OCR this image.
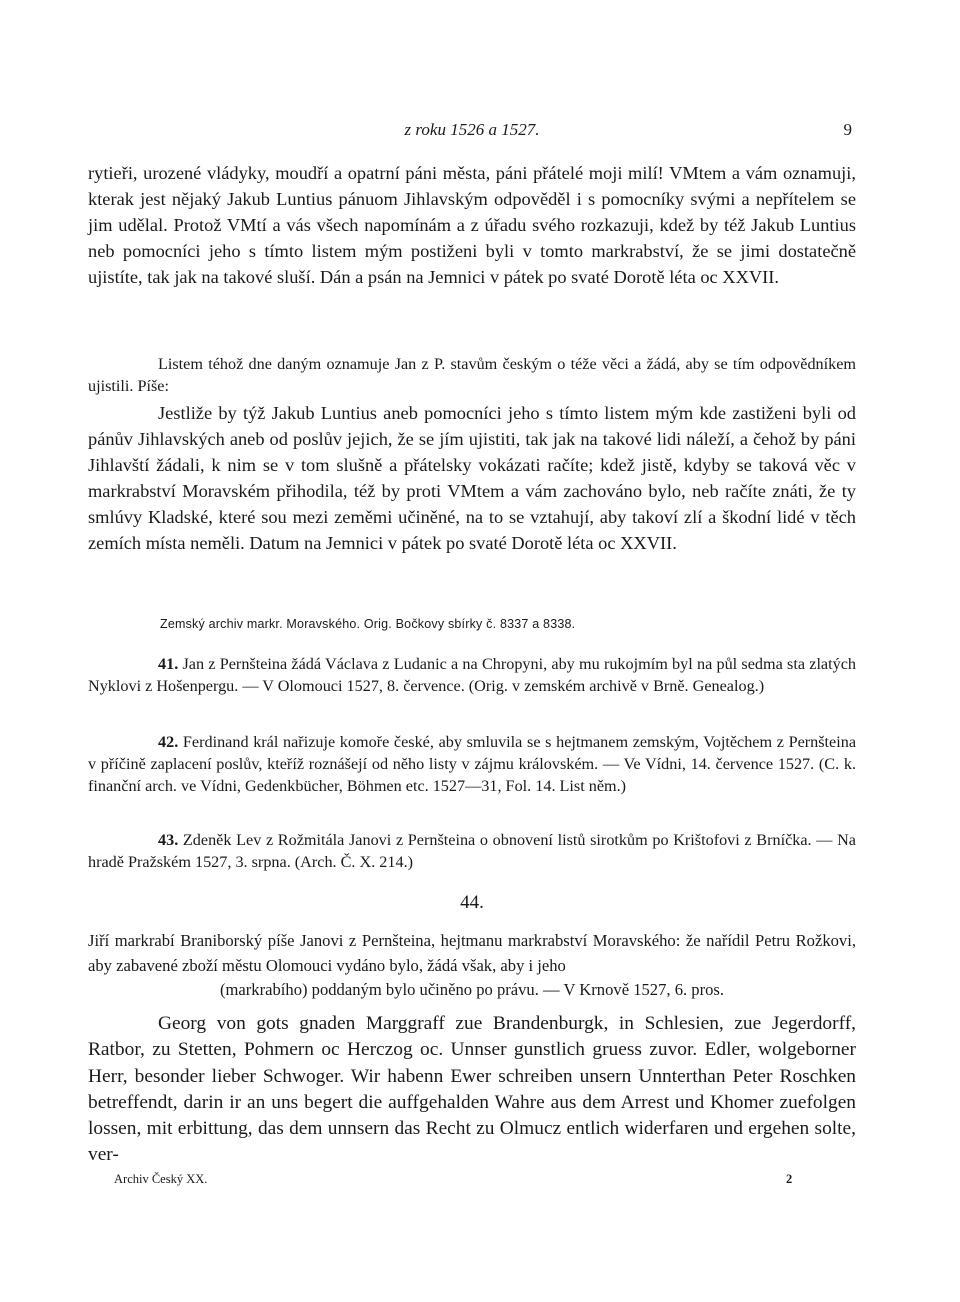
z roku 1526 a 1527.	9

rytieři, urozené vládyky, moudří a opatrní páni města, páni přátelé moji milí! VMtem a vám oznamuji, kterak jest nějaký Jakub Luntius pánuom Jihlavským odpověděl i s pomocníky svými a nepřítelem se jim udělal. Protož VMtí a vás všech napomínám a z úřadu svého rozkazuji, kdež by též Jakub Luntius neb pomocníci jeho s tímto listem mým postiženi byli v tomto markrabství, že se jimi dostatečně ujistíte, tak jak na takové sluší. Dán a psán na Jemnici v pátek po svaté Dorotě léta oc XXVII.

Listem téhož dne daným oznamuje Jan z P. stavům českým o téže věci a žádá, aby se tím odpovědníkem ujistili. Píše:

Jestliže by týž Jakub Luntius aneb pomocníci jeho s tímto listem mým kde zastiženi byli od pánův Jihlavských aneb od poslův jejich, že se jím ujistiti, tak jak na takové lidi náleží, a čehož by páni Jihlavští žádali, k nim se v tom slušně a přátelsky vokázati račíte; kdež jistě, kdyby se taková věc v markrabství Moravském přihodila, též by proti VMtem a vám zachováno bylo, neb račíte znáti, že ty smlúvy Kladské, které sou mezi zeměmi učiněné, na to se vztahují, aby takoví zlí a škodní lidé v těch zemích místa neměli. Datum na Jemnici v pátek po svaté Dorotě léta oc XXVII.

Zemský archiv markr. Moravského. Orig. Bočkovy sbírky č. 8337 a 8338.

41. Jan z Pernšteina žádá Václava z Ludanic a na Chropyni, aby mu rukojmím byl na půl sedma sta zlatých Nyklovi z Hošenpergu. — V Olomouci 1527, 8. července. (Orig. v zemském archivě v Brně. Genealog.)

42. Ferdinand král nařizuje komoře české, aby smluvila se s hejtmanem zemským, Vojtěchem z Pernšteina v příčině zaplacení poslův, kteříž roznášejí od něho listy v zájmu královském. — Ve Vídni, 14. července 1527. (C. k. finanční arch. ve Vídni, Gedenkbücher, Böhmen etc. 1527—31, Fol. 14. List něm.)

43. Zdeněk Lev z Rožmitála Janovi z Pernšteina o obnovení listů sirotkům po Krištofovi z Brníčka. — Na hradě Pražském 1527, 3. srpna. (Arch. Č. X. 214.)

44.
Jiří markrabí Braniborský píše Janovi z Pernšteina, hejtmanu markrabství Moravského: že nařídil Petru Rožkovi, aby zabavené zboží městu Olomouci vydáno bylo, žádá však, aby i jeho
(markrabího) poddaným bylo učiněno po právu. — V Krnově 1527, 6. pros.

Georg von gots gnaden Marggraff zue Brandenburgk, in Schlesien, zue Jegerdorff, Ratbor, zu Stetten, Pohmern oc Herczog oc. Unnser gunstlich gruess zuvor. Edler, wolgeborner Herr, besonder lieber Schwoger. Wir habenn Ewer schreiben unsern Unnterthan Peter Roschken betreffendt, darin ir an uns begert die auffgehalden Wahre aus dem Arrest und Khomer zuefolgen lossen, mit erbittung, das dem unnsern das Recht zu Olmucz entlich widerfaren und ergehen solte, ver-

Archiv Český XX.	2
